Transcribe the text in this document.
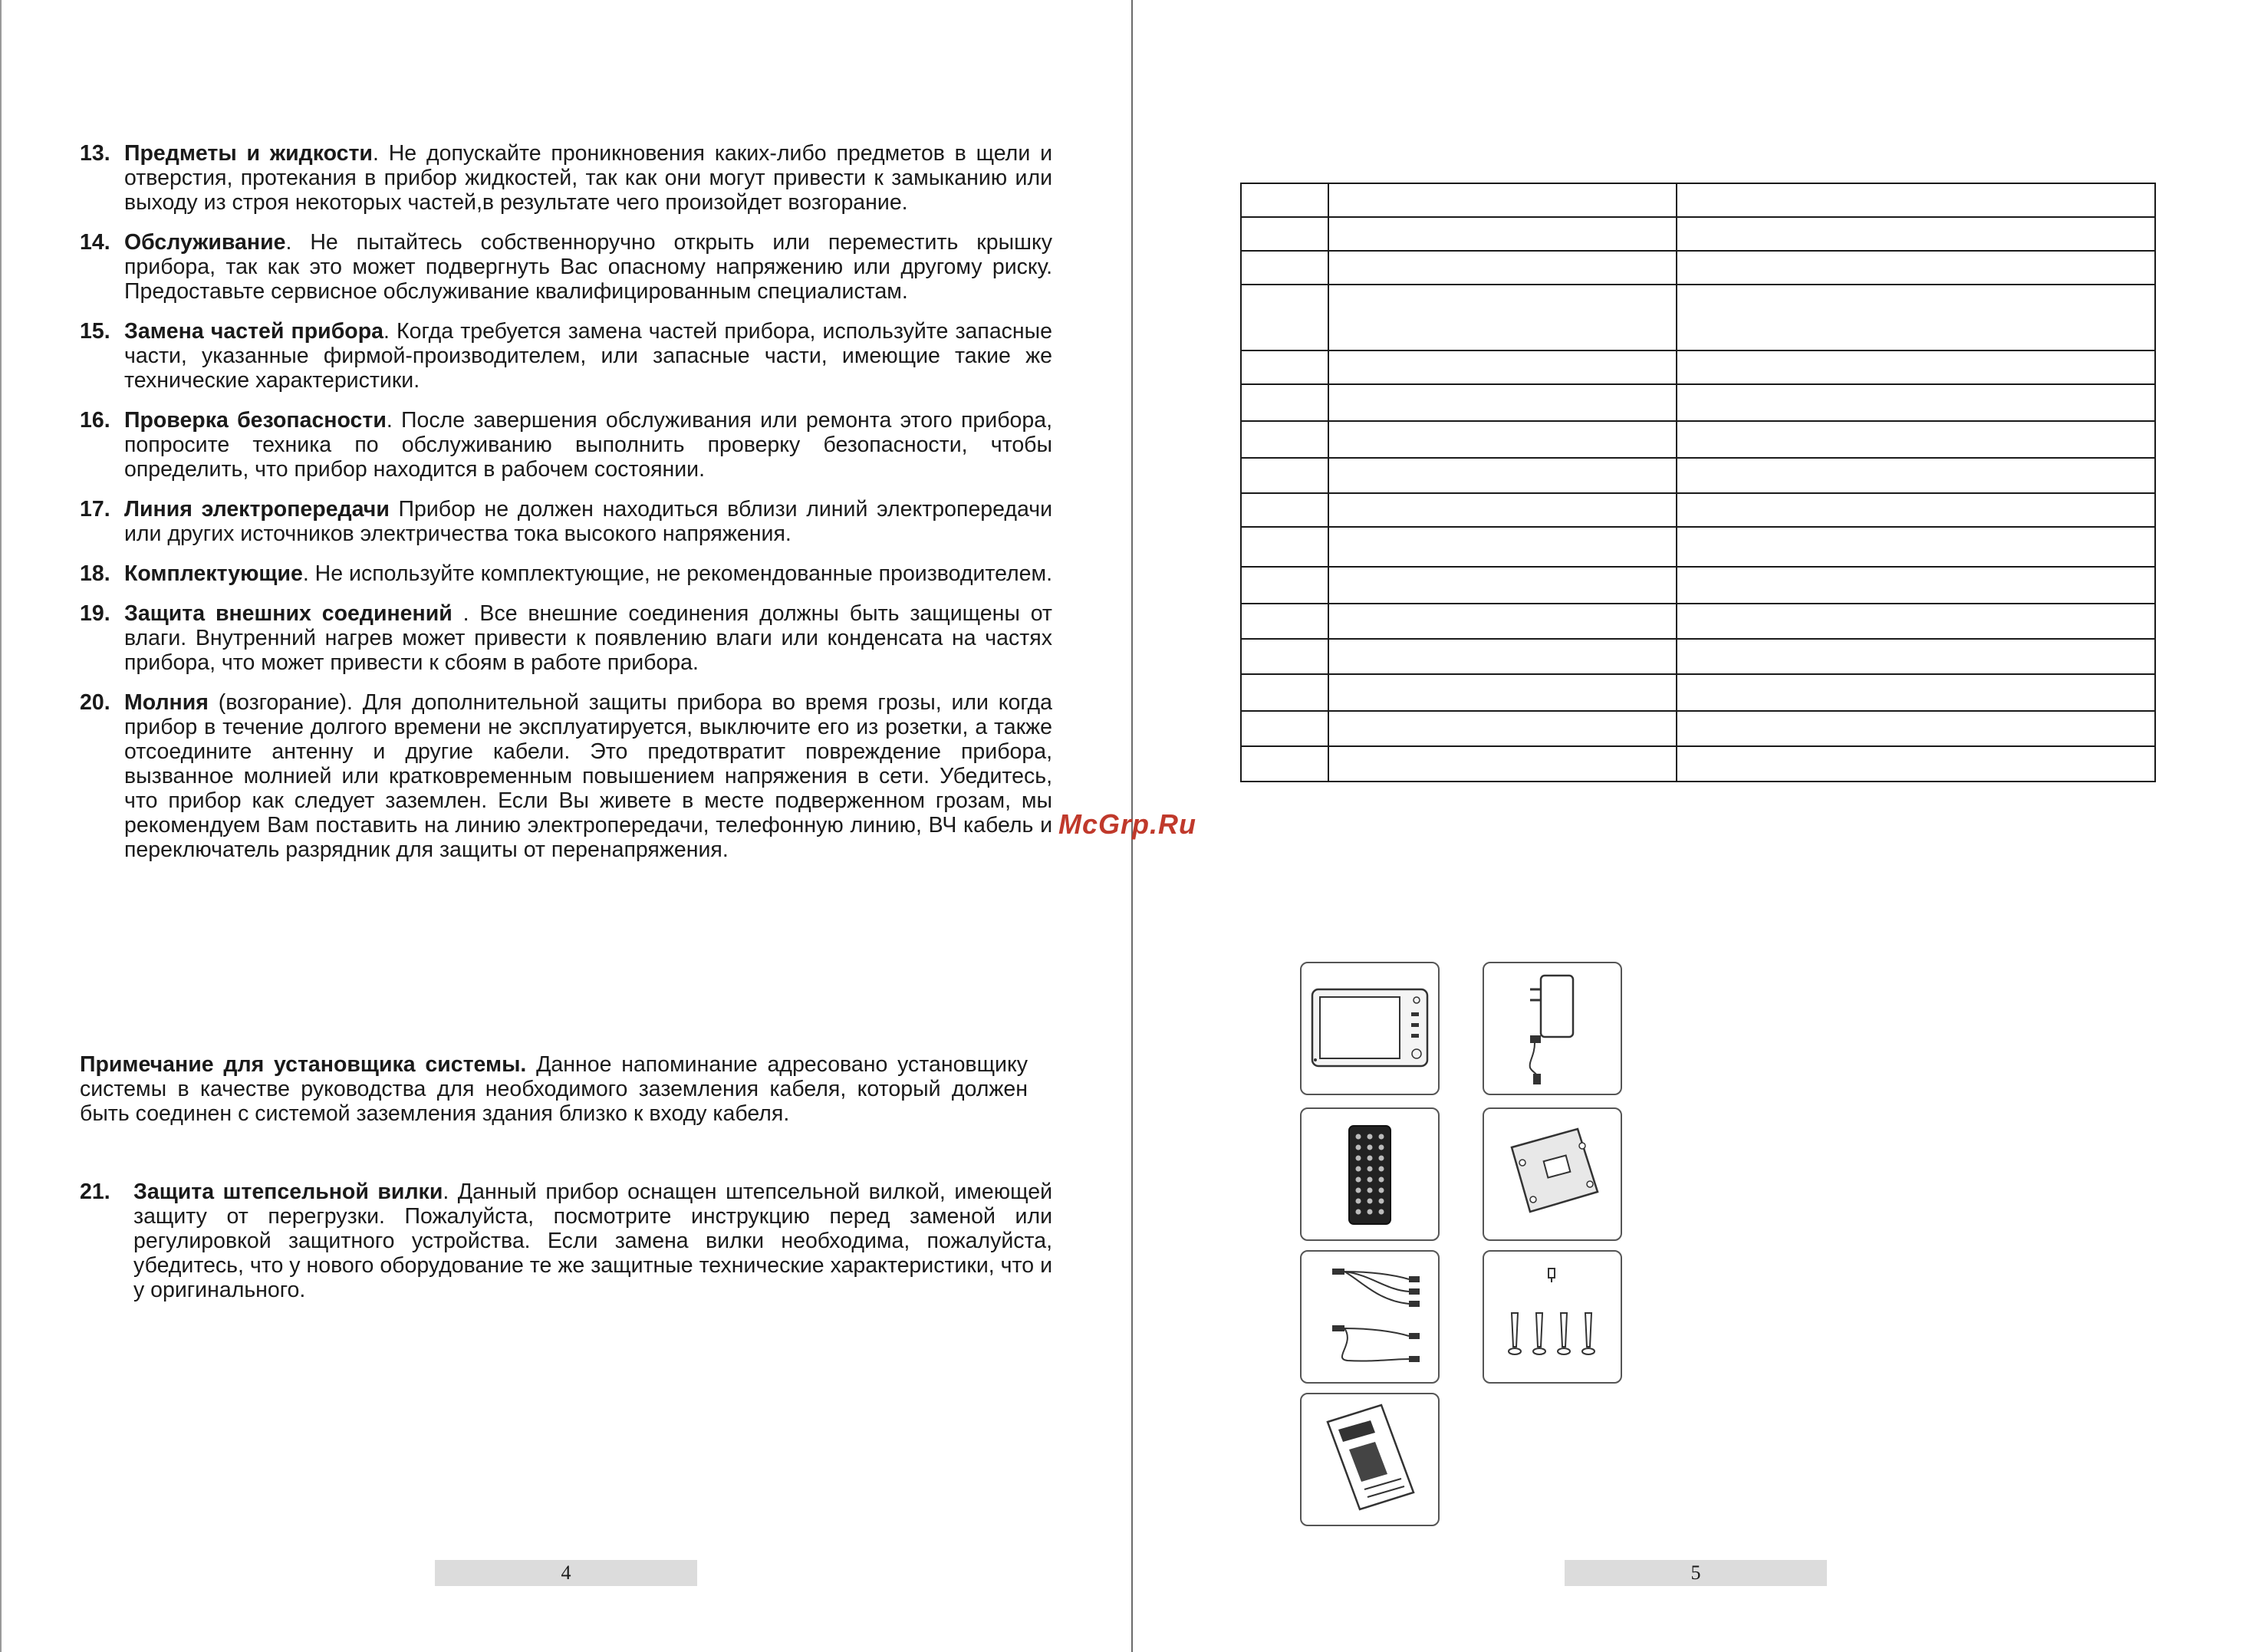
13. Предметы и жидкости. Не допускайте проникновения каких-либо предметов в щели и отверстия, протекания в прибор жидкостей, так как они могут привести к замыканию или выходу из строя некоторых частей,в результате чего произойдет возгорание.
14. Обслуживание. Не пытайтесь собственноручно открыть или переместить крышку прибора, так как это может подвергнуть Вас опасному напряжению или другому риску. Предоставьте сервисное обслуживание квалифицированным специалистам.
15. Замена частей прибора. Когда требуется замена частей прибора, используйте запасные части, указанные фирмой-производителем, или запасные части, имеющие такие же технические характеристики.
16. Проверка безопасности. После завершения обслуживания или ремонта этого прибора, попросите техника по обслуживанию выполнить проверку безопасности, чтобы определить, что прибор находится в рабочем состоянии.
17. Линия электропередачи Прибор не должен находиться вблизи линий электропередачи или других источников электричества тока высокого напряжения.
18. Комплектующие. Не используйте комплектующие, не рекомендованные производителем.
19. Защита внешних соединений . Все внешние соединения должны быть защищены от влаги. Внутренний нагрев может привести к появлению влаги или конденсата на частях прибора, что может привести к сбоям в работе прибора.
20. Молния (возгорание). Для дополнительной защиты прибора во время грозы, или когда прибор в течение долгого времени не эксплуатируется, выключите его из розетки, а также отсоедините антенну и другие кабели. Это предотвратит повреждение прибора, вызванное молнией или кратковременным повышением напряжения в сети. Убедитесь, что прибор как следует заземлен. Если Вы живете в месте подверженном грозам, мы рекомендуем Вам поставить на линию электропередачи, телефонную линию, ВЧ кабель и переключатель разрядник для защиты от перенапряжения.
Примечание для установщика системы. Данное напоминание адресовано установщику системы в качестве руководства для необходимого заземления кабеля, который должен быть соединен с системой заземления здания близко к входу кабеля.
21.	Защита штепсельной вилки. Данный прибор оснащен штепсельной вилкой, имеющей защиту от перегрузки. Пожалуйста, посмотрите инструкцию перед заменой или регулировкой защитного устройства. Если замена вилки необходима, пожалуйста, убедитесь, что у нового оборудование те же защитные технические характеристики, что и у оригинального.
4

McGrp.Ru
5
